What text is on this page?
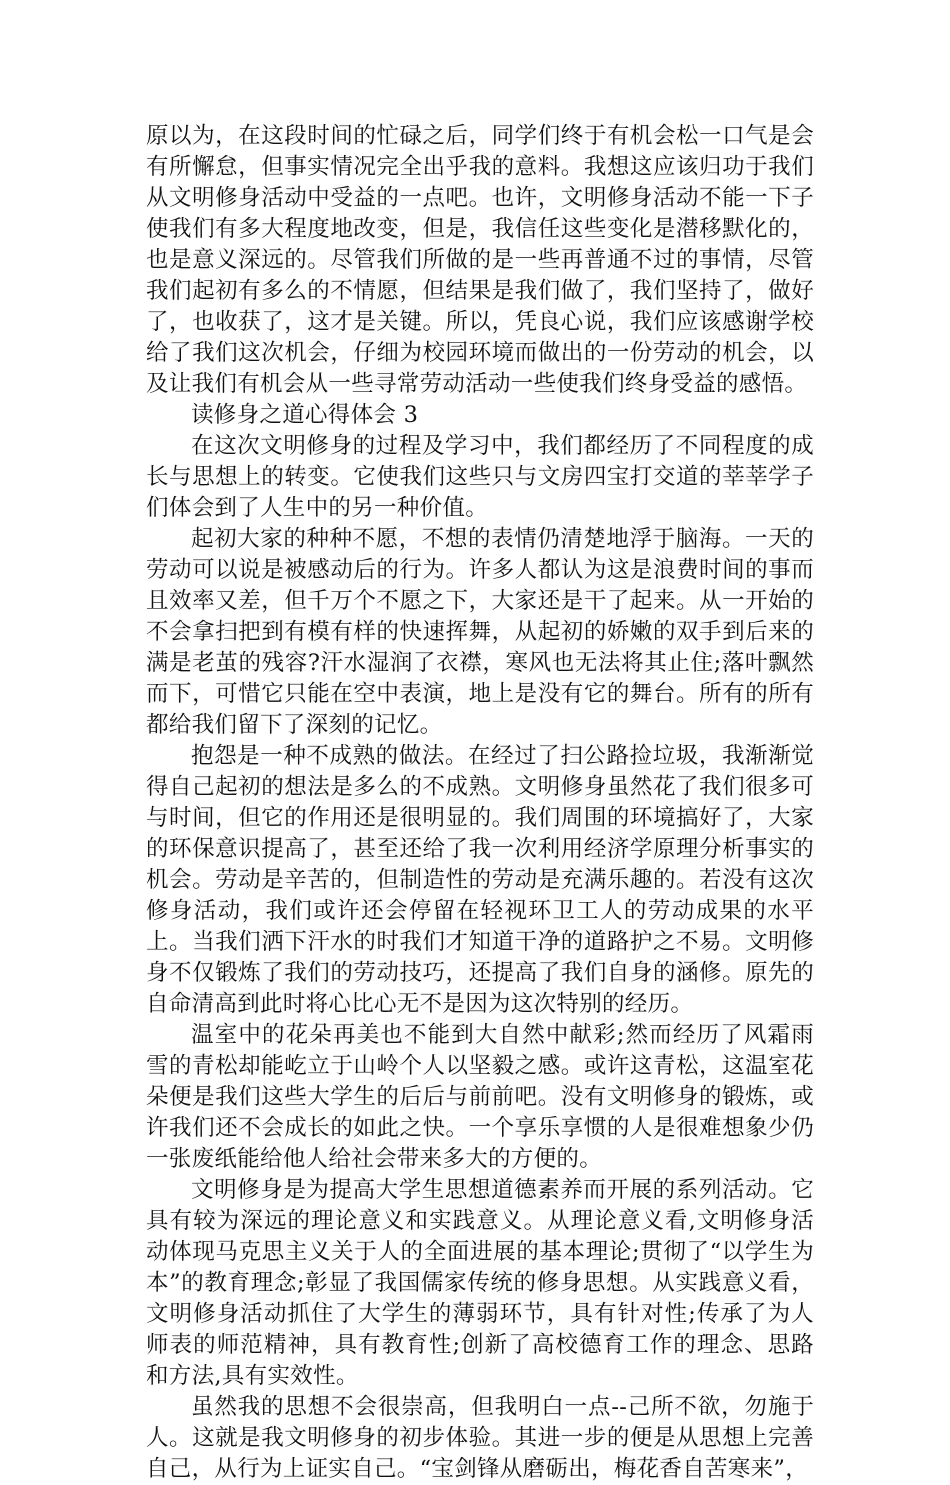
原以为，在这段时间的忙碌之后，同学们终于有机会松一口气是会有所懈怠，但事实情况完全出乎我的意料。我想这应该归功于我们从文明修身活动中受益的一点吧。也许，文明修身活动不能一下子使我们有多大程度地改变，但是，我信任这些变化是潜移默化的，也是意义深远的。尽管我们所做的是一些再普通不过的事情，尽管我们起初有多么的不情愿，但结果是我们做了，我们坚持了，做好了，也收获了，这才是关键。所以，凭良心说，我们应该感谢学校给了我们这次机会，仔细为校园环境而做出的一份劳动的机会，以及让我们有机会从一些寻常劳动活动一些使我们终身受益的感悟。

读修身之道心得体会 3

在这次文明修身的过程及学习中，我们都经历了不同程度的成长与思想上的转变。它使我们这些只与文房四宝打交道的莘莘学子们体会到了人生中的另一种价值。

起初大家的种种不愿，不想的表情仍清楚地浮于脑海。一天的劳动可以说是被感动后的行为。许多人都认为这是浪费时间的事而且效率又差，但千万个不愿之下，大家还是干了起来。从一开始的不会拿扫把到有模有样的快速挥舞，从起初的娇嫩的双手到后来的满是老茧的残容?汗水湿润了衣襟，寒风也无法将其止住;落叶飘然而下，可惜它只能在空中表演，地上是没有它的舞台。所有的所有都给我们留下了深刻的记忆。

抱怨是一种不成熟的做法。在经过了扫公路捡垃圾，我渐渐觉得自己起初的想法是多么的不成熟。文明修身虽然花了我们很多可与时间，但它的作用还是很明显的。我们周围的环境搞好了，大家的环保意识提高了，甚至还给了我一次利用经济学原理分析事实的机会。劳动是辛苦的，但制造性的劳动是充满乐趣的。若没有这次修身活动，我们或许还会停留在轻视环卫工人的劳动成果的水平上。当我们洒下汗水的时我们才知道干净的道路护之不易。文明修身不仅锻炼了我们的劳动技巧，还提高了我们自身的涵修。原先的自命清高到此时将心比心无不是因为这次特别的经历。

温室中的花朵再美也不能到大自然中献彩;然而经历了风霜雨雪的青松却能屹立于山岭个人以坚毅之感。或许这青松，这温室花朵便是我们这些大学生的后后与前前吧。没有文明修身的锻炼，或许我们还不会成长的如此之快。一个享乐享惯的人是很难想象少仍一张废纸能给他人给社会带来多大的方便的。

文明修身是为提高大学生思想道德素养而开展的系列活动。它具有较为深远的理论意义和实践意义。从理论意义看,文明修身活动体现马克思主义关于人的全面进展的基本理论;贯彻了“以学生为本”的教育理念;彰显了我国儒家传统的修身思想。从实践意义看，文明修身活动抓住了大学生的薄弱环节，具有针对性;传承了为人师表的师范精神，具有教育性;创新了高校德育工作的理念、思路和方法,具有实效性。

虽然我的思想不会很崇高，但我明白一点--己所不欲，勿施于人。这就是我文明修身的初步体验。其进一步的便是从思想上完善自己，从行为上证实自己。“宝剑锋从磨砺出，梅花香自苦寒来”，
